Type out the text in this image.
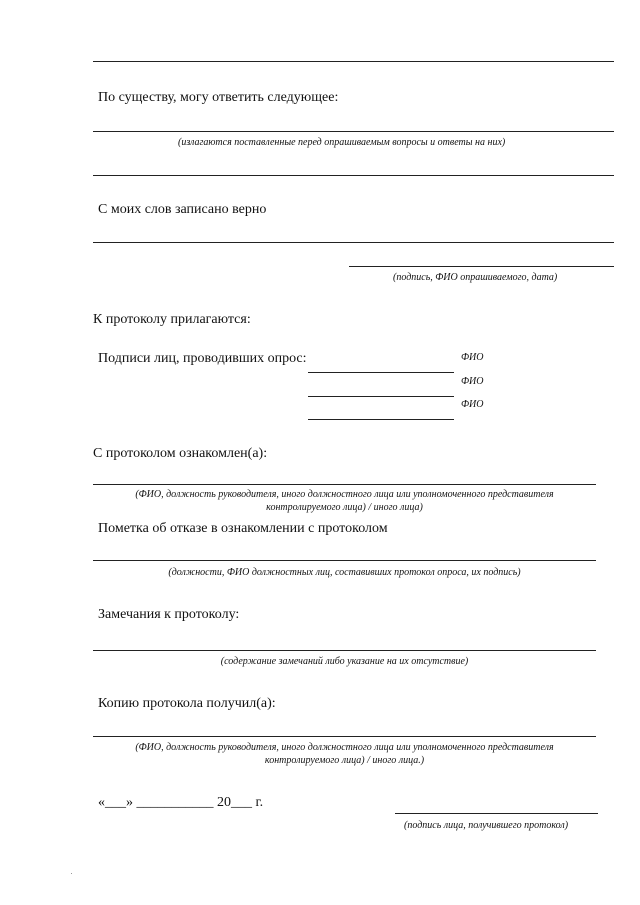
По существу, могу ответить следующее:
(излагаются поставленные перед опрашиваемым вопросы и ответы на них)
С моих слов записано верно
(подпись, ФИО опрашиваемого, дата)
К протоколу прилагаются:
Подписи лиц, проводивших опрос:	ФИО
ФИО
ФИО
С протоколом ознакомлен(а):
(ФИО, должность руководителя, иного должностного лица или уполномоченного представителя
контролируемого лица) / иного лица)
Пометка об отказе в ознакомлении с протоколом
(должности, ФИО должностных лиц, составивших протокол опроса, их подпись)
Замечания к протоколу:
(содержание замечаний либо указание на их отсутствие)
Копию протокола получил(а):
(ФИО, должность руководителя, иного должностного лица или уполномоченного представителя
контролируемого лица) / иного лица.)
«___» ___________ 20___ г.
(подпись лица, получившего протокол)
